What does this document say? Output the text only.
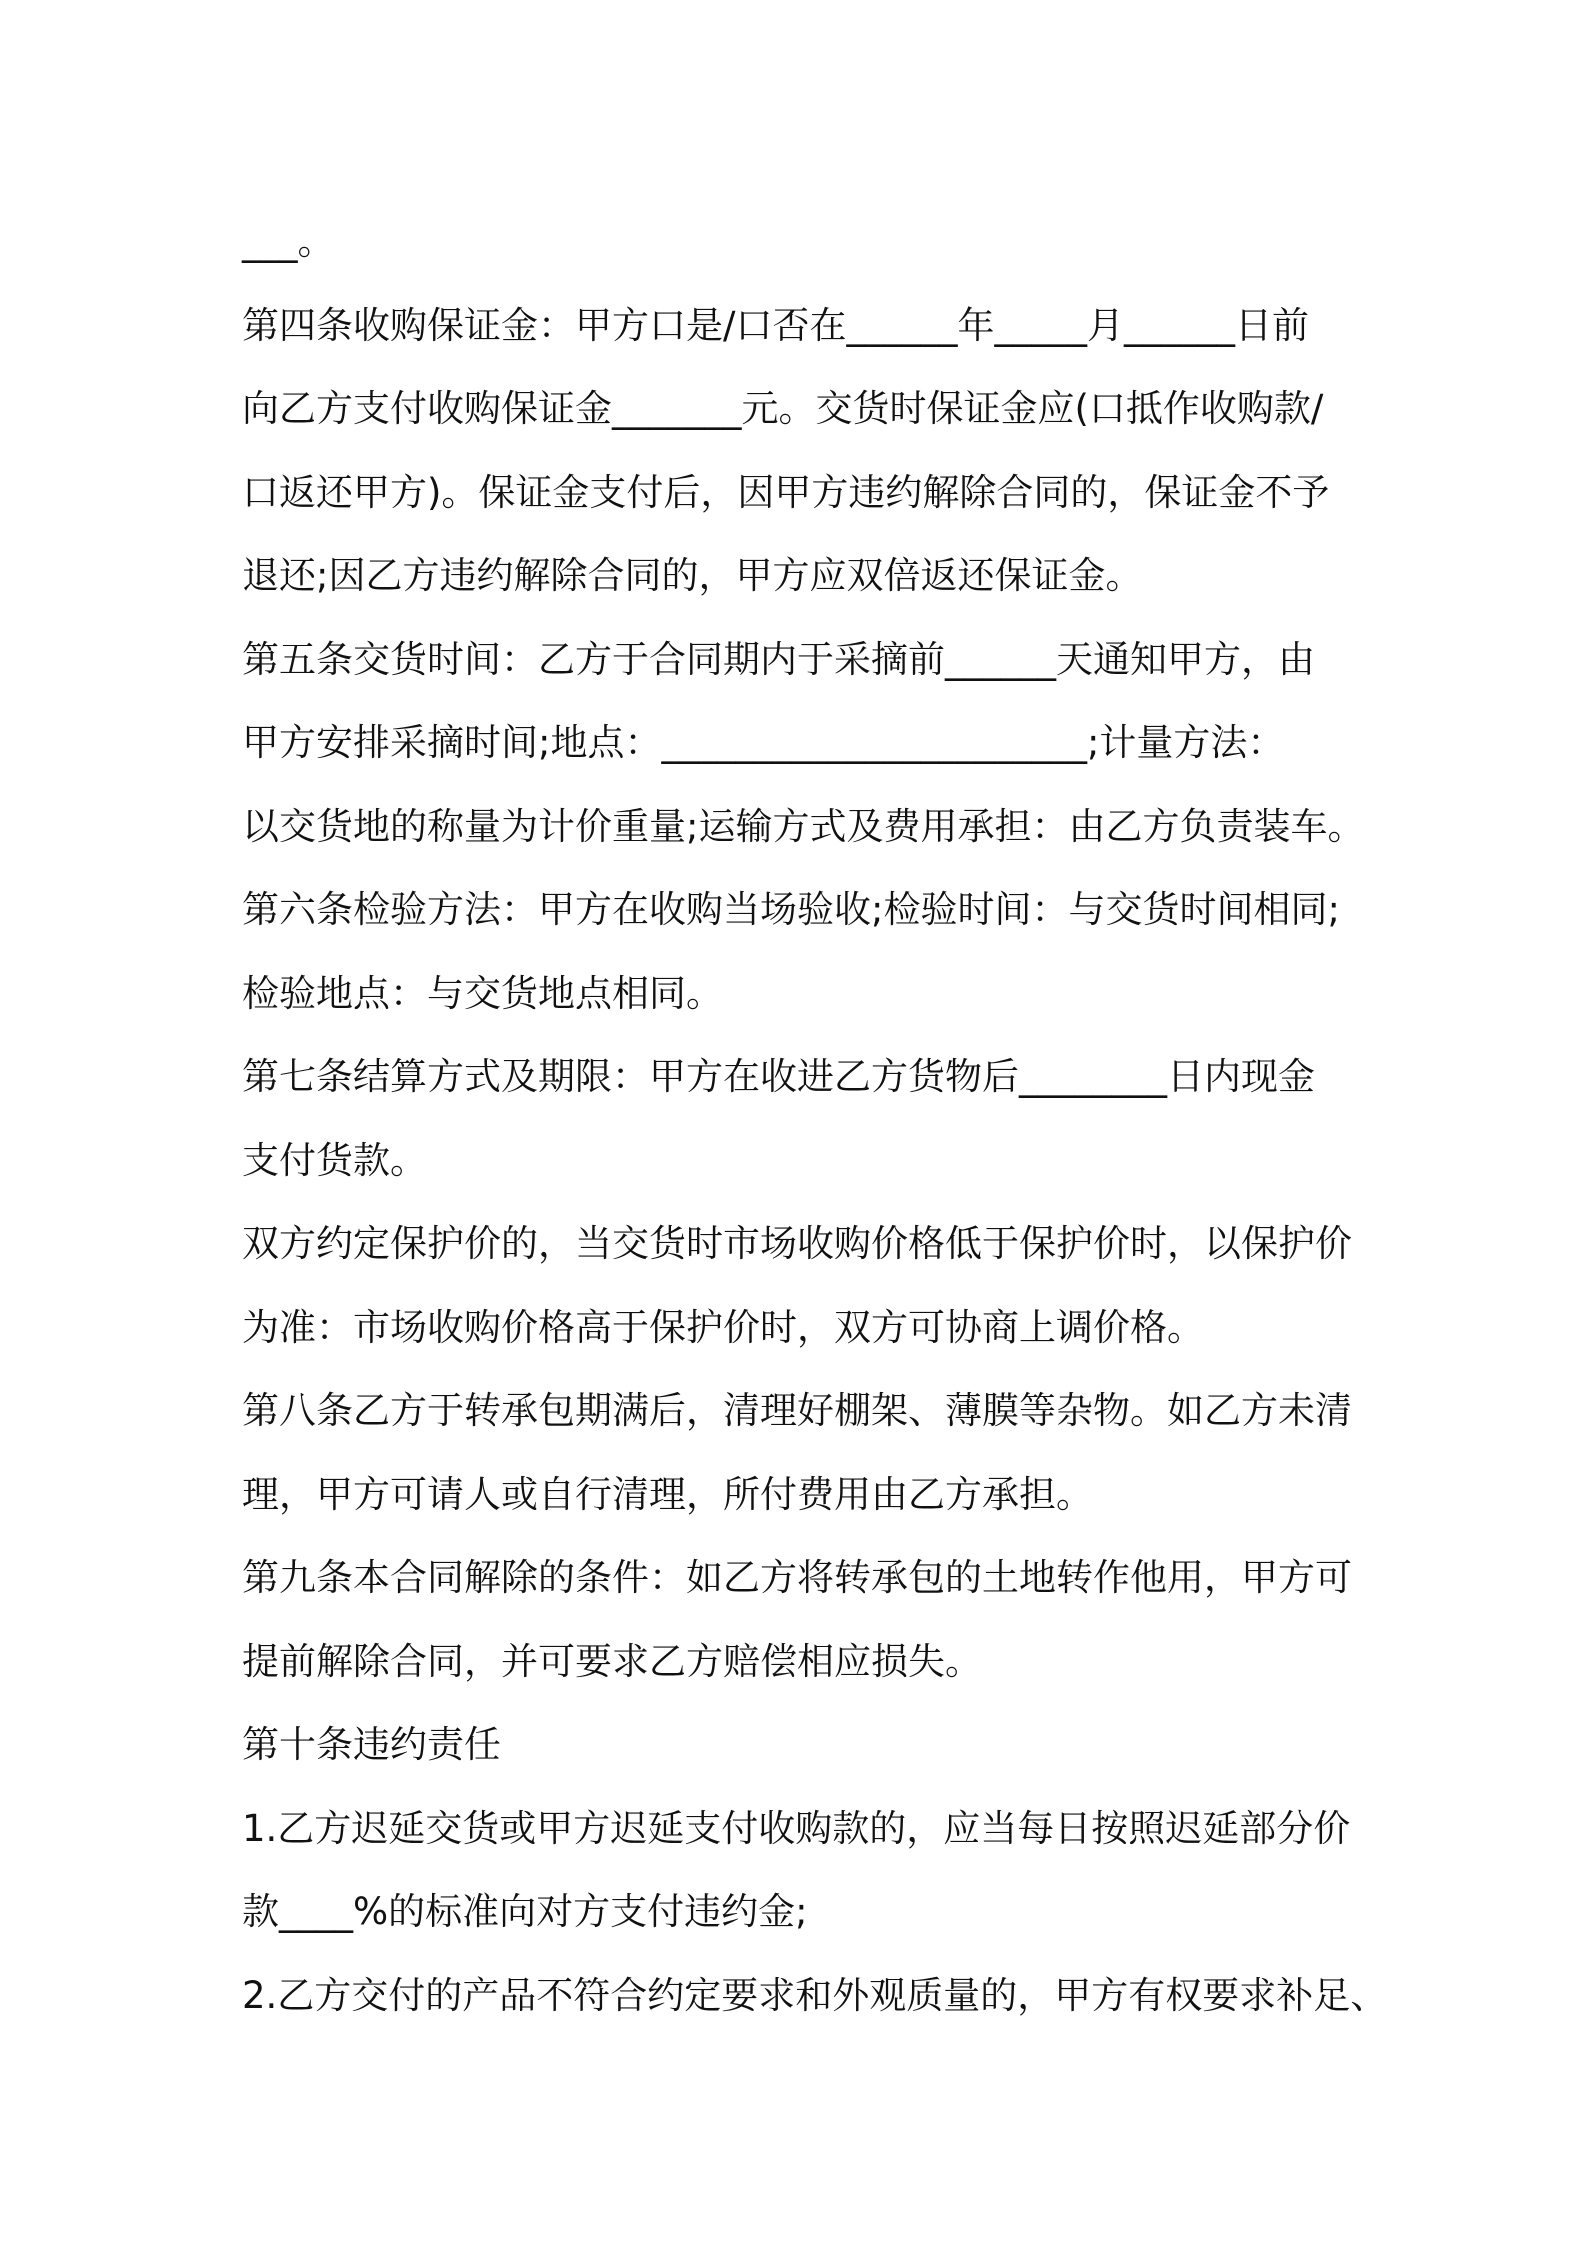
___。
第四条收购保证金：甲方口是/口否在______年_____月______日前
向乙方支付收购保证金_______元。交货时保证金应(口抵作收购款/
口返还甲方)。保证金支付后，因甲方违约解除合同的，保证金不予
退还;因乙方违约解除合同的，甲方应双倍返还保证金。
第五条交货时间：乙方于合同期内于采摘前______天通知甲方，由
甲方安排采摘时间;地点：_______________________;计量方法：
以交货地的称量为计价重量;运输方式及费用承担：由乙方负责装车。
第六条检验方法：甲方在收购当场验收;检验时间：与交货时间相同;
检验地点：与交货地点相同。
第七条结算方式及期限：甲方在收进乙方货物后________日内现金
支付货款。
双方约定保护价的，当交货时市场收购价格低于保护价时，以保护价
为准：市场收购价格高于保护价时，双方可协商上调价格。
第八条乙方于转承包期满后，清理好棚架、薄膜等杂物。如乙方未清
理，甲方可请人或自行清理，所付费用由乙方承担。
第九条本合同解除的条件：如乙方将转承包的土地转作他用，甲方可
提前解除合同，并可要求乙方赔偿相应损失。
第十条违约责任
1.乙方迟延交货或甲方迟延支付收购款的，应当每日按照迟延部分价
款____%的标准向对方支付违约金;
2.乙方交付的产品不符合约定要求和外观质量的，甲方有权要求补足、
